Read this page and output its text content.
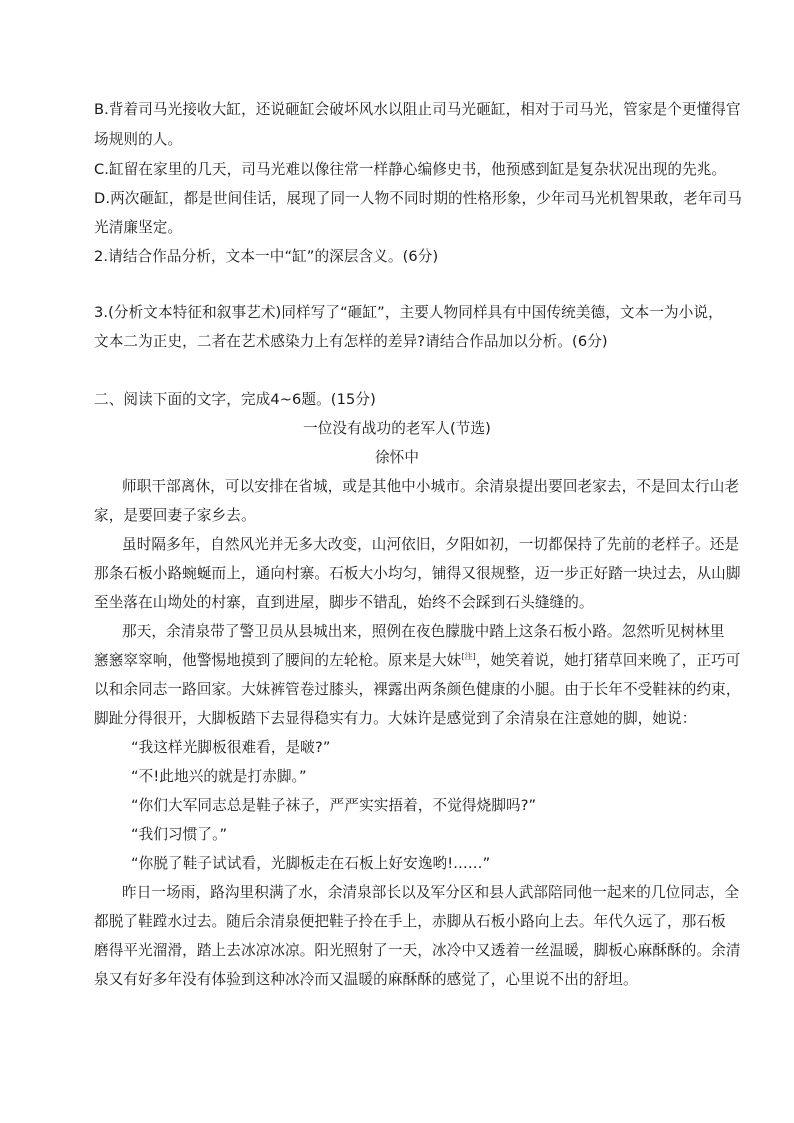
B.背着司马光接收大缸，还说砸缸会破坏风水以阻止司马光砸缸，相对于司马光，管家是个更懂得官
场规则的人。
C.缸留在家里的几天，司马光难以像往常一样静心编修史书，他预感到缸是复杂状况出现的先兆。
D.两次砸缸，都是世间佳话，展现了同一人物不同时期的性格形象，少年司马光机智果敢，老年司马
光清廉坚定。
2.请结合作品分析，文本一中“缸”的深层含义。(6分)
3.(分析文本特征和叙事艺术)同样写了“砸缸”，主要人物同样具有中国传统美德，文本一为小说，
文本二为正史，二者在艺术感染力上有怎样的差异?请结合作品加以分析。(6分)
二、阅读下面的文字，完成4~6题。(15分)
一位没有战功的老军人(节选)
徐怀中
师职干部离休，可以安排在省城，或是其他中小城市。余清泉提出要回老家去，不是回太行山老
家，是要回妻子家乡去。
虽时隔多年，自然风光并无多大改变，山河依旧，夕阳如初，一切都保持了先前的老样子。还是
那条石板小路蜿蜒而上，通向村寨。石板大小均匀，铺得又很规整，迈一步正好踏一块过去，从山脚
至坐落在山坳处的村寨，直到进屋，脚步不错乱，始终不会踩到石头缝缝的。
那天，余清泉带了警卫员从县城出来，照例在夜色朦胧中踏上这条石板小路。忽然听见树林里
窸窸窣窣响，他警惕地摸到了腰间的左轮枪。原来是大妹[注]，她笑着说，她打猪草回来晚了，正巧可
以和余同志一路回家。大妹裤管卷过膝头，裸露出两条颜色健康的小腿。由于长年不受鞋袜的约束，
脚趾分得很开，大脚板踏下去显得稳实有力。大妹许是感觉到了余清泉在注意她的脚，她说：
“我这样光脚板很难看，是啵?”
“不!此地兴的就是打赤脚。”
“你们大军同志总是鞋子袜子，严严实实捂着，不觉得烧脚吗?”
“我们习惯了。”
“你脱了鞋子试试看，光脚板走在石板上好安逸哟!……”
昨日一场雨，路沟里积满了水，余清泉部长以及军分区和县人武部陪同他一起来的几位同志，全
都脱了鞋蹚水过去。随后余清泉便把鞋子拎在手上，赤脚从石板小路向上去。年代久远了，那石板
磨得平光溜滑，踏上去冰凉冰凉。阳光照射了一天，冰冷中又透着一丝温暖，脚板心麻酥酥的。余清
泉又有好多年没有体验到这种冰冷而又温暖的麻酥酥的感觉了，心里说不出的舒坦。
